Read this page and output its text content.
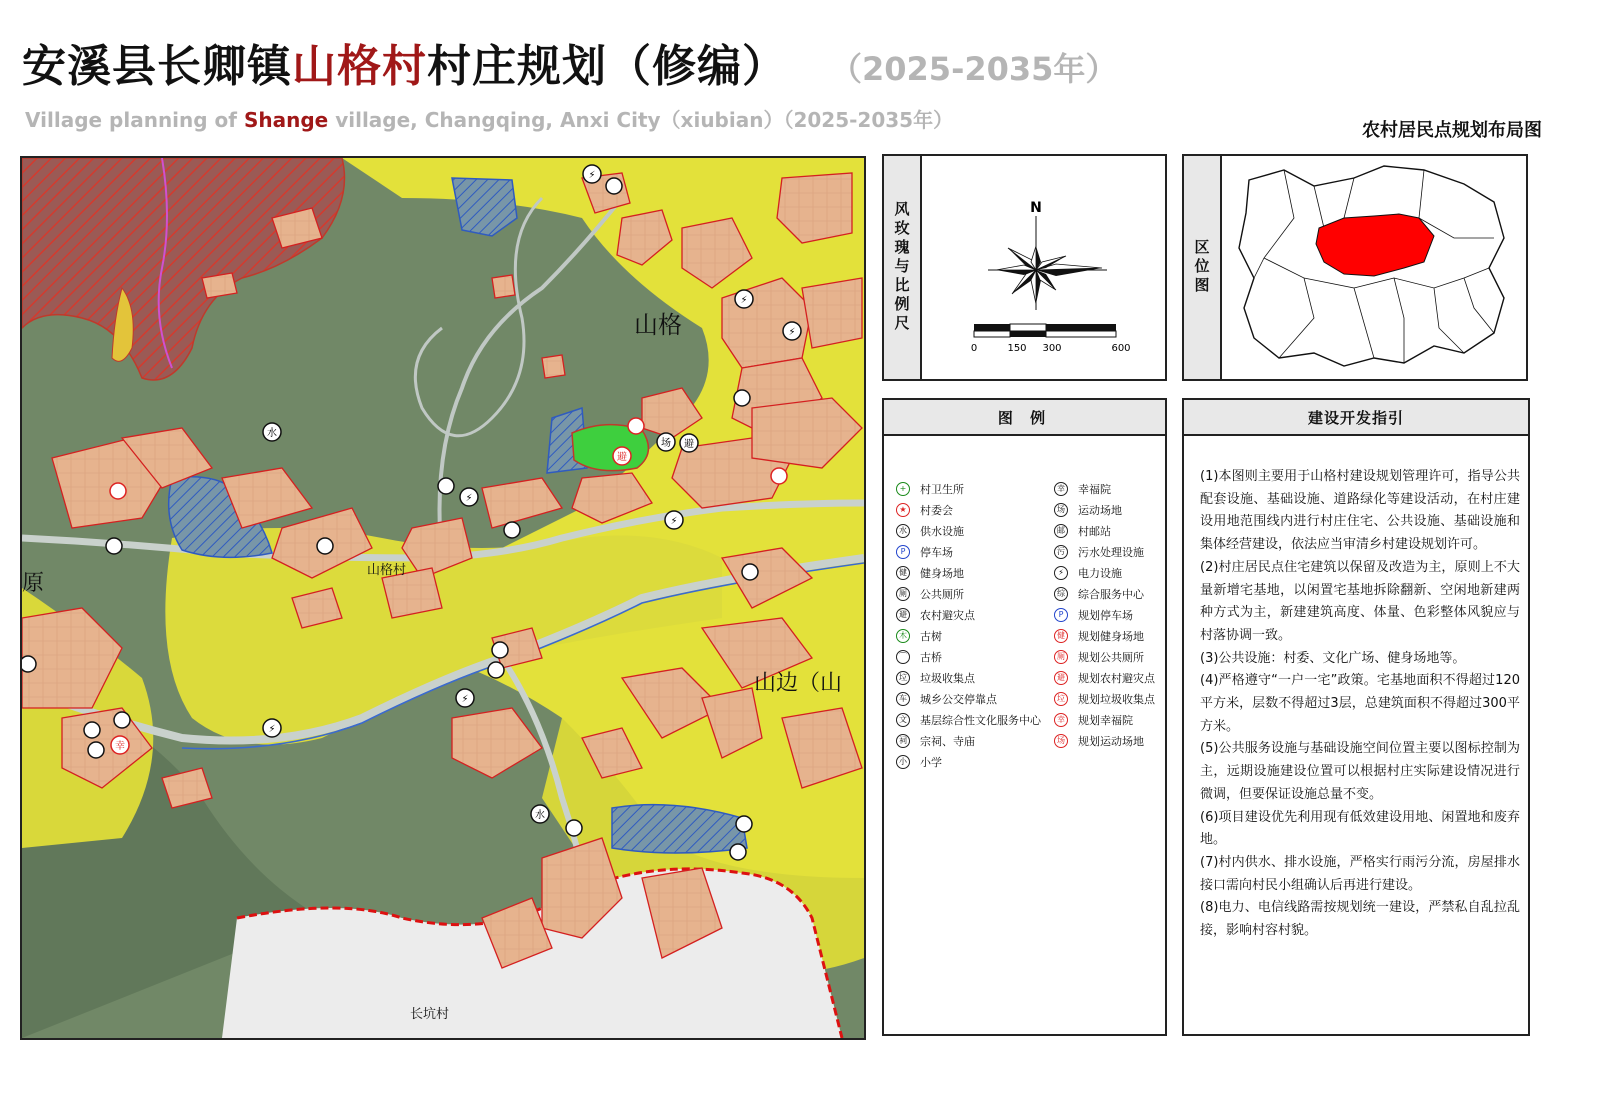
安溪县长卿镇山格村村庄规划（修编） （2025-2035年）
Village planning of Shange village, Changqing, Anxi City（xiubian）（2025-2035年）	农村居民点规划布局图
⚡
⚡
⚡
⚡
⚡
⚡
⚡
水
水
避
避
场
幸
山格
山边（山
原
山格村
长坑村
风玫瑰与比例尺	N
0	150 300	600
区位图
图 例
+	村卫生所
★	村委会
水 供水设施
P	停车场
健 健身场地
厕 公共厕所
避 农村避灾点
木 古树
⌒ 古桥
垃 垃圾收集点
车 城乡公交停靠点
文 基层综合性文化服务中心
祠 宗祠、寺庙
小 小学
幸 幸福院
场 运动场地
邮 村邮站
污 污水处理设施
⚡	电力设施
综 综合服务中心
P	规划停车场
健 规划健身场地
厕 规划公共厕所
避 规划农村避灾点
垃 规划垃圾收集点
幸 规划幸福院
场 规划运动场地
建设开发指引

(1)本图则主要用于山格村建设规划管理许可，指导公共配套设施、基础设施、道路绿化等建设活动，在村庄建设用地范围线内进行村庄住宅、公共设施、基础设施和集体经营建设，依法应当审清乡村建设规划许可。

(2)村庄居民点住宅建筑以保留及改造为主，原则上不大量新增宅基地，以闲置宅基地拆除翻新、空闲地新建两种方式为主，新建建筑高度、体量、色彩整体风貌应与村落协调一致。

(3)公共设施：村委、文化广场、健身场地等。

(4)严格遵守“一户一宅”政策。宅基地面积不得超过120平方米，层数不得超过3层，总建筑面积不得超过300平方米。

(5)公共服务设施与基础设施空间位置主要以图标控制为主，远期设施建设位置可以根据村庄实际建设情况进行微调，但要保证设施总量不变。

(6)项目建设优先利用现有低效建设用地、闲置地和废弃地。

(7)村内供水、排水设施，严格实行雨污分流，房屋排水接口需向村民小组确认后再进行建设。

(8)电力、电信线路需按规划统一建设，严禁私自乱拉乱接，影响村容村貌。
